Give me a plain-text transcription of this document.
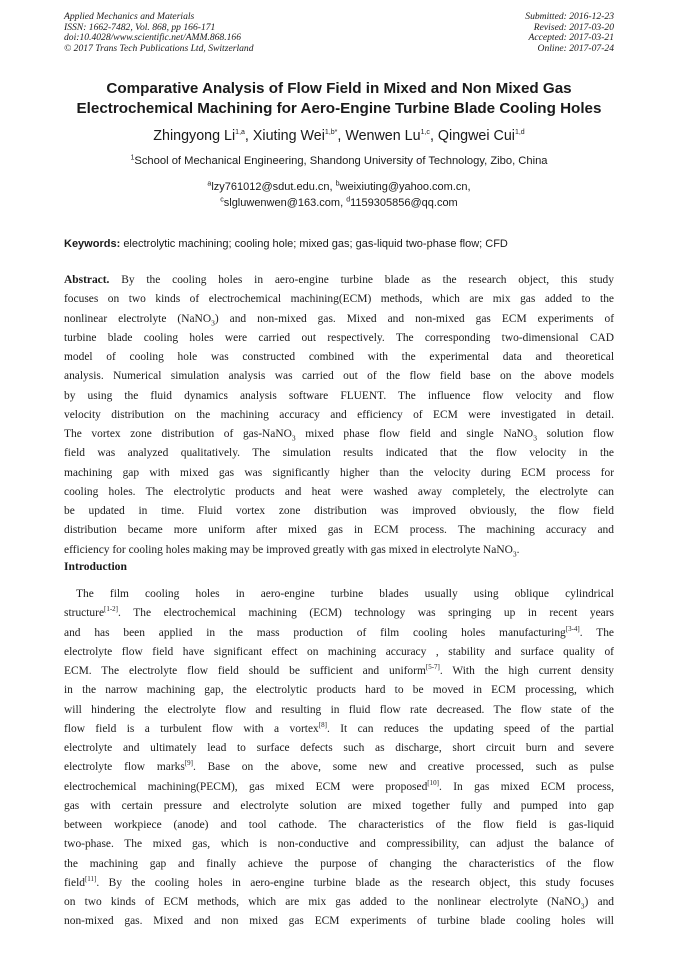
Applied Mechanics and Materials
ISSN: 1662-7482, Vol. 868, pp 166-171
doi:10.4028/www.scientific.net/AMM.868.166
© 2017 Trans Tech Publications Ltd, Switzerland
Submitted: 2016-12-23
Revised: 2017-03-20
Accepted: 2017-03-21
Online: 2017-07-24
Comparative Analysis of Flow Field in Mixed and Non Mixed Gas
Electrochemical Machining for Aero-Engine Turbine Blade Cooling Holes
Zhingyong Li$^{1,a}$, Xiuting Wei$^{1,b*}$, Wenwen Lu$^{1,c}$, Qingwei Cui$^{1,d}$
$^1$School of Mechanical Engineering, Shandong University of Technology, Zibo, China
$^a$lzy761012@sdut.edu.cn, $^b$weixiuting@yahoo.com.cn,
$^c$slgluwenwen@163.com, $^d$1159305856@qq.com
Keywords: electrolytic machining; cooling hole; mixed gas; gas-liquid two-phase flow; CFD
Abstract. By the cooling holes in aero-engine turbine blade as the research object, this study
focuses on two kinds of electrochemical machining(ECM) methods, which are mix gas added to the
nonlinear electrolyte (NaNO$_3$) and non-mixed gas. Mixed and non-mixed gas ECM experiments of
turbine blade cooling holes were carried out respectively. The corresponding two-dimensional CAD
model of cooling hole was constructed combined with the experimental data and theoretical
analysis. Numerical simulation analysis was carried out of the flow field base on the above models
by using the fluid dynamics analysis software FLUENT. The influence flow velocity and flow
velocity distribution on the machining accuracy and efficiency of ECM were investigated in detail.
The vortex zone distribution of gas-NaNO$_3$ mixed phase flow field and single NaNO$_3$ solution flow
field was analyzed qualitatively. The simulation results indicated that the flow velocity in the
machining gap with mixed gas was significantly higher than the velocity during ECM process for
cooling holes. The electrolytic products and heat were washed away completely, the electrolyte can
be updated in time. Fluid vortex zone distribution was improved obviously, the flow field
distribution became more uniform after mixed gas in ECM process. The machining accuracy and
efficiency for cooling holes making may be improved greatly with gas mixed in electrolyte NaNO$_3$.
Introduction
The film cooling holes in aero-engine turbine blades usually using oblique cylindrical
structure[1-2]. The electrochemical machining (ECM) technology was springing up in recent years
and has been applied in the mass production of film cooling holes manufacturing[3-4]. The
electrolyte flow field have significant effect on machining accuracy , stability and surface quality of
ECM. The electrolyte flow field should be sufficient and uniform[5-7]. With the high current density
in the narrow machining gap, the electrolytic products hard to be moved in ECM processing, which
will hindering the electrolyte flow and resulting in fluid flow rate decreased. The flow state of the
flow field is a turbulent flow with a vortex[8]. It can reduces the updating speed of the partial
electrolyte and ultimately lead to surface defects such as discharge, short circuit burn and severe
electrolyte flow marks[9]. Base on the above, some new and creative processed, such as pulse
electrochemical machining(PECM), gas mixed ECM were proposed[10]. In gas mixed ECM process,
gas with certain pressure and electrolyte solution are mixed together fully and pumped into gap
between workpiece (anode) and tool cathode. The characteristics of the flow field is gas-liquid
two-phase. The mixed gas, which is non-conductive and compressibility, can adjust the balance of
the machining gap and finally achieve the purpose of changing the characteristics of the flow
field[11]. By the cooling holes in aero-engine turbine blade as the research object, this study focuses
on two kinds of ECM methods, which are mix gas added to the nonlinear electrolyte (NaNO$_3$) and
non-mixed gas. Mixed and non mixed gas ECM experiments of turbine blade cooling holes will
